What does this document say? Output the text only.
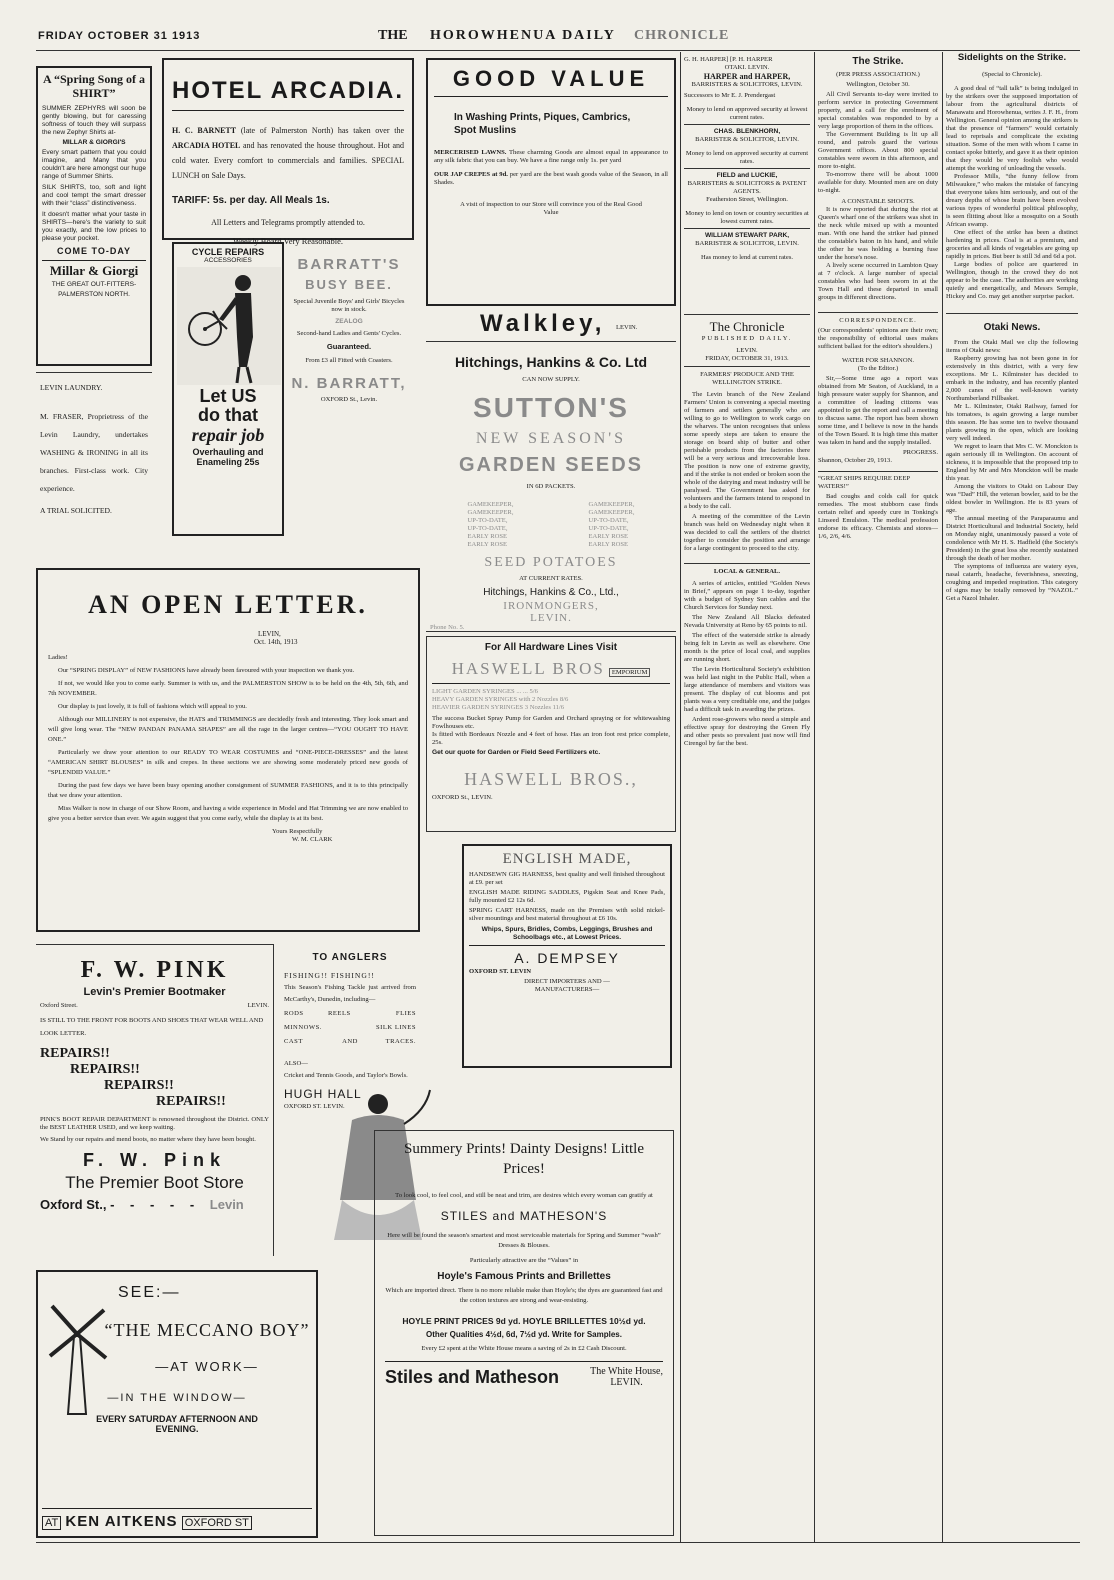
FRIDAY OCTOBER 31 1913	THE HOROWHENUA DAILY CHRONICLE
A “Spring Song of a SHIRT”
SUMMER ZEPHYRS will soon be gently blowing, but for caressing softness of touch they will surpass the new Zephyr Shirts at-
MILLAR & GIORGI'S
Every smart pattern that you could imagine, and Many that you couldn't are here amongst our huge range of Summer Shirts.
SILK SHIRTS, too, soft and light and cool tempt the smart dresser with their “class” distinctiveness.
It doesn't matter what your taste in SHIRTS—here's the variety to suit you exactly, and the low prices to please your pocket.
COME TO-DAY
Millar & Giorgi
THE GREAT OUT-FITTERS-
PALMERSTON NORTH.
LEVIN LAUNDRY.
M. FRASER, Proprietress of the Levin Laundry, undertakes WASHING & IRONING in all its branches. First-class work. City experience.
A TRIAL SOLICITED.
HOTEL ARCADIA.
H. C. BARNETT (late of Palmerston North) has taken over the ARCADIA HOTEL and has renovated the house throughout. Hot and cold water. Every comfort to commercials and families. SPECIAL LUNCH on Sale Days.
TARIFF: 5s. per day. All Meals 1s.
All Letters and Telegrams promptly attended to.
Weekly Board Very Reasonable.
CYCLE REPAIRS
ACCESSORIES
Let US
do that
repair job
Overhauling and Enameling 25s
BARRATT'S
BUSY BEE.
Special Juvenile Boys' and Girls' Bicycles now in stock.
ZEALOG
Second-hand Ladies and Gents' Cycles.
Guaranteed.
From £3 all Fitted with Coasters.
N. BARRATT,
OXFORD St., Levin.
AN OPEN LETTER.
LEVIN,
Oct. 14th, 1913
Ladies!
Our “SPRING DISPLAY” of NEW FASHIONS have already been favoured with your inspection we thank you.
If not, we would like you to come early. Summer is with us, and the PALMERSTON SHOW is to be held on the 4th, 5th, 6th, and 7th NOVEMBER.
Our display is just lovely, it is full of fashions which will appeal to you.
Although our MILLINERY is not expensive, the HATS and TRIMMINGS are decidedly fresh and interesting. They look smart and will give long wear. The “NEW PANDAN PANAMA SHAPES” are all the rage in the larger centres—“YOU OUGHT TO HAVE ONE.”
Particularly we draw your attention to our READY TO WEAR COSTUMES and “ONE-PIECE-DRESSES” and the latest “AMERICAN SHIRT BLOUSES” in silk and crepes. In these sections we are showing some moderately priced new goods of “SPLENDID VALUE.”
During the past few days we have been busy opening another consignment of SUMMER FASHIONS, and it is to this principally that we draw your attention.
Miss Walker is now in charge of our Show Room, and having a wide experience in Model and Hat Trimming we are now enabled to give you a better service than ever. We again suggest that you come early, while the display is at its best.
Yours Respectfully
W. M. CLARK
F. W. PINK
Levin's Premier Bootmaker
Oxford Street.	LEVIN.
IS STILL TO THE FRONT FOR BOOTS AND SHOES THAT WEAR WELL AND LOOK LETTER.
REPAIRS!!
REPAIRS!!
REPAIRS!!
REPAIRS!!
PINK'S BOOT REPAIR DEPARTMENT is renowned throughout the District. ONLY the BEST LEATHER USED, and we keep waiting.
We Stand by our repairs and mend boots, no matter where they have been bought.
F. W. Pink
The Premier Boot Store
Oxford St., - - - - - Levin
TO ANGLERS
FISHING!! FISHING!!
This Season's Fishing Tackle just arrived from McCarthy's, Dunedin, including—
RODS	REELS	FLIES
MINNOWS.	SILK LINES
CAST	AND	TRACES.
ALSO—
Cricket and Tennis Goods, and Taylor's Bowls.
HUGH HALL
OXFORD ST. LEVIN.
SEE:—
“THE MECCANO BOY”
—AT WORK—
—IN THE WINDOW—
EVERY SATURDAY AFTERNOON AND EVENING.
AT KEN AITKENS OXFORD ST
GOOD VALUE
In Washing Prints, Piques, Cambrics, Spot Muslins
MERCERISED LAWNS. These charming Goods are almost equal in appearance to any silk fabric that you can buy. We have a fine range only 1s. per yard
OUR JAP CREPES at 9d. per yard are the best wash goods value of the Season, in all Shades.
A visit of inspection to our Store will convince you of the Real Good Value
Walkley, LEVIN.
Hitchings, Hankins & Co. Ltd
CAN NOW SUPPLY.
SUTTON'S
NEW SEASON'S
GARDEN SEEDS
IN 6D PACKETS.
GAMEKEEPER,
GAMEKEEPER,
UP-TO-DATE,
UP-TO-DATE,
EARLY ROSE
EARLY ROSE
GAMEKEEPER,
GAMEKEEPER,
UP-TO-DATE,
UP-TO-DATE,
EARLY ROSE
EARLY ROSE
SEED POTATOES
AT CURRENT RATES.
Hitchings, Hankins & Co., Ltd.,
IRONMONGERS,
LEVIN.
Phone No. 5.
For All Hardware Lines Visit
HASWELL BROS EMPORIUM
LIGHT GARDEN SYRINGES ... ... 5/6
HEAVY GARDEN SYRINGES with 2 Nozzles 8/6
HEAVIER GARDEN SYRINGES 3 Nozzles 11/6
The success Bucket Spray Pump for Garden and Orchard spraying or for whitewashing Fowlhouses etc.
Is fitted with Bordeaux Nozzle and 4 feet of hose. Has an iron foot rest price complete, 25s.
Get our quote for Garden or Field Seed Fertilizers etc.
HASWELL BROS.,
OXFORD St., LEVIN.
ENGLISH MADE,
HANDSEWN GIG HARNESS, best quality and well finished throughout at £9. per set
ENGLISH MADE RIDING SADDLES, Pigskin Seat and Knee Pads, fully mounted £2 12s 6d.
SPRING CART HARNESS, made on the Premises with solid nickel-silver mountings and best material throughout at £6 10s.
Whips, Spurs, Bridles, Combs, Leggings, Brushes and Schoolbags etc., at Lowest Prices.
A. DEMPSEY
OXFORD ST. LEVIN
DIRECT IMPORTERS AND —MANUFACTURERS—
Summery Prints! Dainty Designs! Little Prices!
To look cool, to feel cool, and still be neat and trim, are desires which every woman can gratify at
STILES and MATHESON'S
Here will be found the season's smartest and most serviceable materials for Spring and Summer “wash” Dresses & Blouses.
Particularly attractive are the “Values” in
Hoyle's Famous Prints and Brillettes
Which are imported direct. There is no more reliable make than Hoyle's; the dyes are guaranteed fast and the cotton textures are strong and wear-resisting.
HOYLE PRINT PRICES 9d yd. HOYLE BRILLETTES 10½d yd.
Other Qualities 4½d, 6d, 7½d yd. Write for Samples.
Every £2 spent at the White House means a saving of 2s in £2 Cash Discount.
Stiles and Matheson	The White House,
LEVIN.
G. H. HARPER] [P. H. HARPER
OTAKI. LEVIN.
HARPER and HARPER,
BARRISTERS & SOLICITORS, LEVIN.
Successors to Mr E. J. Prendergast
Money to lend on approved security at lowest current rates.
CHAS. BLENKHORN,
BARRISTER & SOLICITOR, LEVIN.
Money to lend on approved security at current rates.
FIELD and LUCKIE,
BARRISTERS & SOLICITORS & PATENT AGENTS.
Featherston Street, Wellington.
Money to lend on town or country securities at lowest current rates.
WILLIAM STEWART PARK,
BARRISTER & SOLICITOR, LEVIN.
Has money to lend at current rates.
The Chronicle
PUBLISHED DAILY.
LEVIN.
FRIDAY, OCTOBER 31, 1913.
FARMERS' PRODUCE AND THE WELLINGTON STRIKE.
The Levin branch of the New Zealand Farmers' Union is convening a special meeting of farmers and settlers generally who are willing to go to Wellington to work cargo on the wharves. The union recognises that unless some speedy steps are taken to ensure the storage on board ship of butter and other perishable products from the factories there will be a very serious and irrecoverable loss. The position is now one of extreme gravity, and if the strike is not ended or broken soon the whole of the dairying and meat industry will be paralysed. The Government has asked for volunteers and the farmers intend to respond in a body to the call.
A meeting of the committee of the Levin branch was held on Wednesday night when it was decided to call the settlers of the district together to consider the position and arrange for a large contingent to proceed to the city.
LOCAL & GENERAL.
A series of articles, entitled “Golden News in Brief,” appears on page 1 to-day, together with a budget of Sydney Sun cables and the Church Services for Sunday next.
The New Zealand All Blacks defeated Nevada University at Reno by 65 points to nil.
The effect of the waterside strike is already being felt in Levin as well as elsewhere. One month is the price of local coal, and supplies are running short.
The Levin Horticultural Society's exhibition was held last night in the Public Hall, when a large attendance of members and visitors was present. The display of cut blooms and pot plants was a very creditable one, and the judges had a difficult task in awarding the prizes.
Ardent rose-growers who need a simple and effective spray for destroying the Green Fly and other pests so prevalent just now will find Cirengol by far the best.
The Strike.
(PER PRESS ASSOCIATION.)
Wellington, October 30.
All Civil Servants to-day were invited to perform service in protecting Government property, and a call for the enrolment of special constables was responded to by a very large proportion of them in the offices.
The Government Building is lit up all round, and patrols guard the various Government offices. About 800 special constables were sworn in this afternoon, and more to-night.
To-morrow there will be about 1000 available for duty. Mounted men are on duty to-night.
A CONSTABLE SHOOTS.
It is now reported that during the riot at Queen's wharf one of the strikers was shot in the neck while mixed up with a mounted man. With one hand the striker had pinned the constable's baton in his hand, and while the other he was holding a burning fuse under the horse's nose.
A lively scene occurred in Lambton Quay at 7 o'clock. A large number of special constables who had been sworn in at the Town Hall and these departed in small groups in different directions.
CORRESPONDENCE.
(Our correspondents' opinions are their own; the responsibility of editorial uses makes sufficient ballast for the editor's shoulders.)
WATER FOR SHANNON.
(To the Editor.)
Sir,—Some time ago a report was obtained from Mr Seaton, of Auckland, in a high pressure water supply for Shannon, and a committee of leading citizens was appointed to get the report and call a meeting to discuss same. The report has been shown some time, and I believe is now in the hands of the Town Board. It is high time this matter was taken in hand and the supply installed.
PROGRESS.
Shannon, October 29, 1913.
“GREAT SHIPS REQUIRE DEEP WATERS!”
Bad coughs and colds call for quick remedies. The most stubborn case finds certain relief and speedy cure in Tonking's Linseed Emulsion. The medical profession endorse its efficacy. Chemists and stores—1/6, 2/6, 4/6.
Sidelights on the Strike.
(Special to Chronicle).
A good deal of “tall talk” is being indulged in by the strikers over the supposed importation of labour from the agricultural districts of Manawatu and Horowhenua, writes J. F. H., from Wellington. General opinion among the strikers is that the presence of “farmers” would certainly lead to reprisals and complicate the existing situation. Some of the men with whom I came in contact spoke bitterly, and gave it as their opinion that they would be very foolish who would attempt the working of unloading the vessels.
Professor Mills, “the funny fellow from Milwaukee,” who makes the mistake of fancying that everyone takes him seriously, and out of the dreary depths of whose brain have been evolved various types of wonderful political philosophy, is seen flitting about like a mosquito on a South African swamp.
One effect of the strike has been a distinct hardening in prices. Coal is at a premium, and groceries and all kinds of vegetables are going up rapidly in prices. But beer is still 3d and 6d a pot.
Large bodies of police are quartered in Wellington, though in the crowd they do not appear to be the case. The authorities are working quietly and energetically, and Messrs Semple, Hickey and Co. may get another surprise packet.
Otaki News.
From the Otaki Mail we clip the following items of Otaki news:
Raspberry growing has not been gone in for extensively in this district, with a very few exceptions. Mr L. Kilminster has decided to embark in the industry, and has recently planted 2,000 canes of the well-known variety Northumberland Fillbasket.
Mr L. Kilminster, Otaki Railway, famed for his tomatoes, is again growing a large number this season. He has some ten to twelve thousand plants growing in the open, which are looking very well indeed.
We regret to learn that Mrs C. W. Monckton is again seriously ill in Wellington. On account of sickness, it is impossible that the proposed trip to England by Mr and Mrs Monckton will be made this year.
Among the visitors to Otaki on Labour Day was “Dad” Hill, the veteran bowler, said to be the oldest bowler in Wellington. He is 83 years of age.
The annual meeting of the Paraparaumu and District Horticultural and Industrial Society, held on Monday night, unanimously passed a vote of condolence with Mr H. S. Hadfield (the Society's President) in the great loss she recently sustained through the death of her mother.
The symptoms of influenza are watery eyes, nasal catarrh, headache, feverishness, sneezing, coughing and impeded respiration. This category of signs may be totally removed by “NAZOL.” Get a Nazol Inhaler.
